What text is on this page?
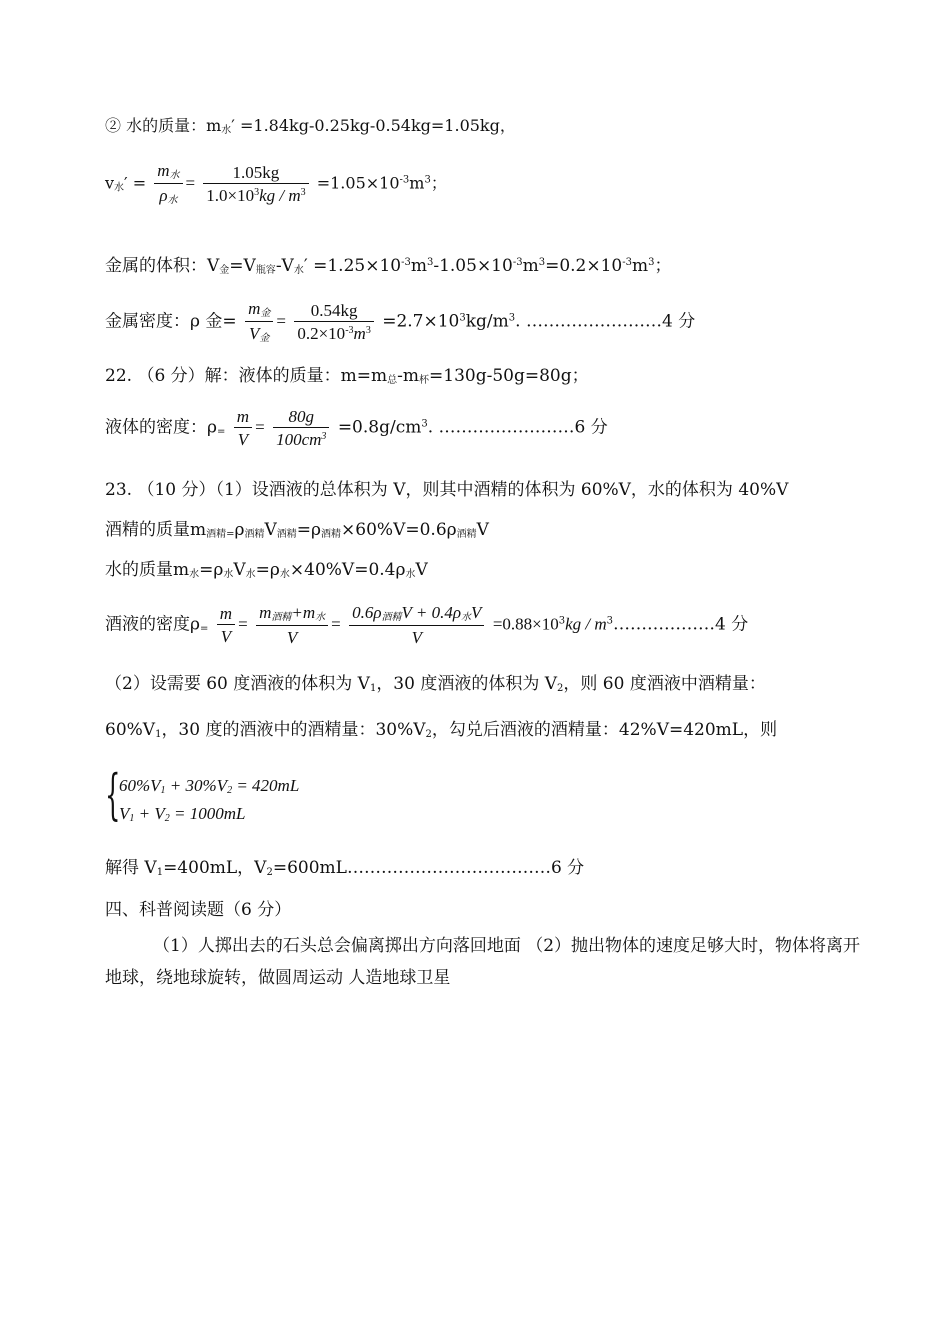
② 水的质量：$m_水' =1.84kg-0.25kg-0.54kg=1.05kg$，
$v_水' = \frac{m_水}{\rho_水} = \frac{1.05kg}{1.0\times 10^3kg / m^3} =1.05\times 10^{-3}m^3$；
金属的体积：$V_金=V_{瓶容}-V_水' =1.25\times 10^{-3}m^3-1.05\times 10^{-3}m^3=0.2\times 10^{-3}m^3$；
金属密度：ρ 金= $\frac{m_金}{V_金} = \frac{0.54kg}{0.2\times 10^{-3}m^3} =2.7\times 10^3kg/m^3$. ……………………4 分
22. （6 分）解：液体的质量：$m=m_总-m_杯=130g-50g=80g$；
液体的密度：$\rho_= \frac{m}{V} = \frac{80g}{100cm^3} =0.8g/cm^3$. ……………………6 分
23. （10 分）（1）设酒液的总体积为 V，则其中酒精的体积为 60%V，水的体积为 40%V
酒精的质量$m_{酒精=}\rho_{酒精}V_{酒精}=\rho_{酒精}\times 60\%V=0.6\rho_{酒精}V$
水的质量$m_水=\rho_水V_水=\rho_水\times 40\%V=0.4\rho_水V$
酒液的密度$\rho_= \frac{m}{V} = \frac{m_{酒精}+m_水}{V} = \frac{0.6\rho_{酒精}V + 0.4\rho_水V}{V} =0.88\times 10^3kg$ / $m^3\dots\dots\dots\dots\dots\dots 4$ 分
（2）设需要 60 度酒液的体积为 $V_1$，30 度酒液的体积为 $V_2$，则 60 度酒液中酒精量：
$60\%V_1$，30 度的酒液中的酒精量：$30\%V_2$，勾兑后酒液的酒精量：42%V=420mL，则
{
$60\%V_1 + 30\%V_2 = 420mL$
$V_1 + V_2 = 1000mL$
解得 $V_1=400mL$，$V_2=600mL\dots\dots\dots\dots\dots\dots\dots\dots\dots\dots\dots\dots 6$ 分
四、科普阅读题（6 分）
（1）人掷出去的石头总会偏离掷出方向落回地面 （2）抛出物体的速度足够大时，物体将离开地球，绕地球旋转，做圆周运动 人造地球卫星
